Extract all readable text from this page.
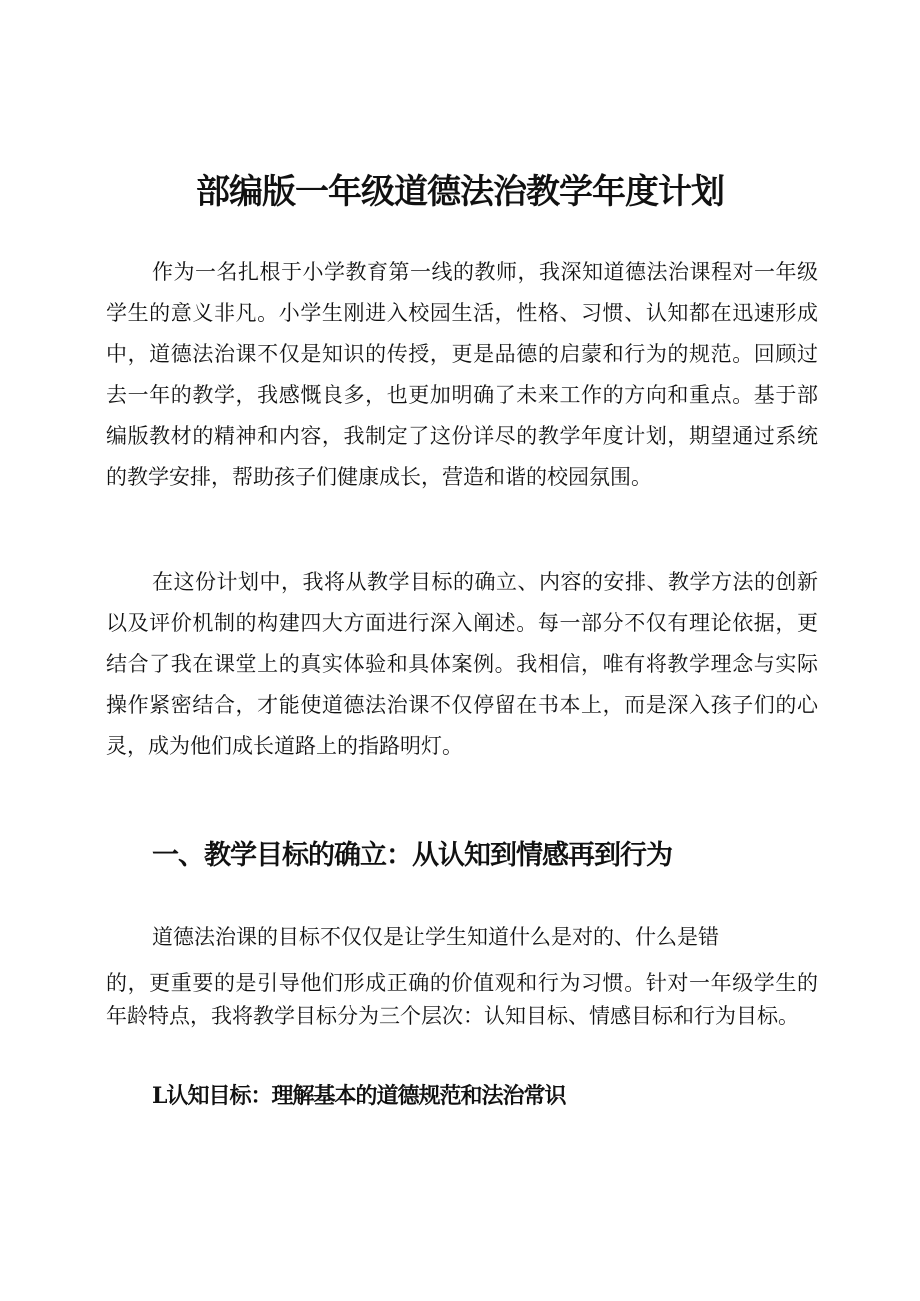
部编版一年级道德法治教学年度计划

作为一名扎根于小学教育第一线的教师，我深知道德法治课程对一年级学生的意义非凡。小学生刚进入校园生活，性格、习惯、认知都在迅速形成中，道德法治课不仅是知识的传授，更是品德的启蒙和行为的规范。回顾过去一年的教学，我感慨良多，也更加明确了未来工作的方向和重点。基于部编版教材的精神和内容，我制定了这份详尽的教学年度计划，期望通过系统的教学安排，帮助孩子们健康成长，营造和谐的校园氛围。

在这份计划中，我将从教学目标的确立、内容的安排、教学方法的创新以及评价机制的构建四大方面进行深入阐述。每一部分不仅有理论依据，更结合了我在课堂上的真实体验和具体案例。我相信，唯有将教学理念与实际操作紧密结合，才能使道德法治课不仅停留在书本上，而是深入孩子们的心灵，成为他们成长道路上的指路明灯。

一、教学目标的确立：从认知到情感再到行为

道德法治课的目标不仅仅是让学生知道什么是对的、什么是错

的，更重要的是引导他们形成正确的价值观和行为习惯。针对一年级学生的年龄特点，我将教学目标分为三个层次：认知目标、情感目标和行为目标。

L认知目标：理解基本的道德规范和法治常识
